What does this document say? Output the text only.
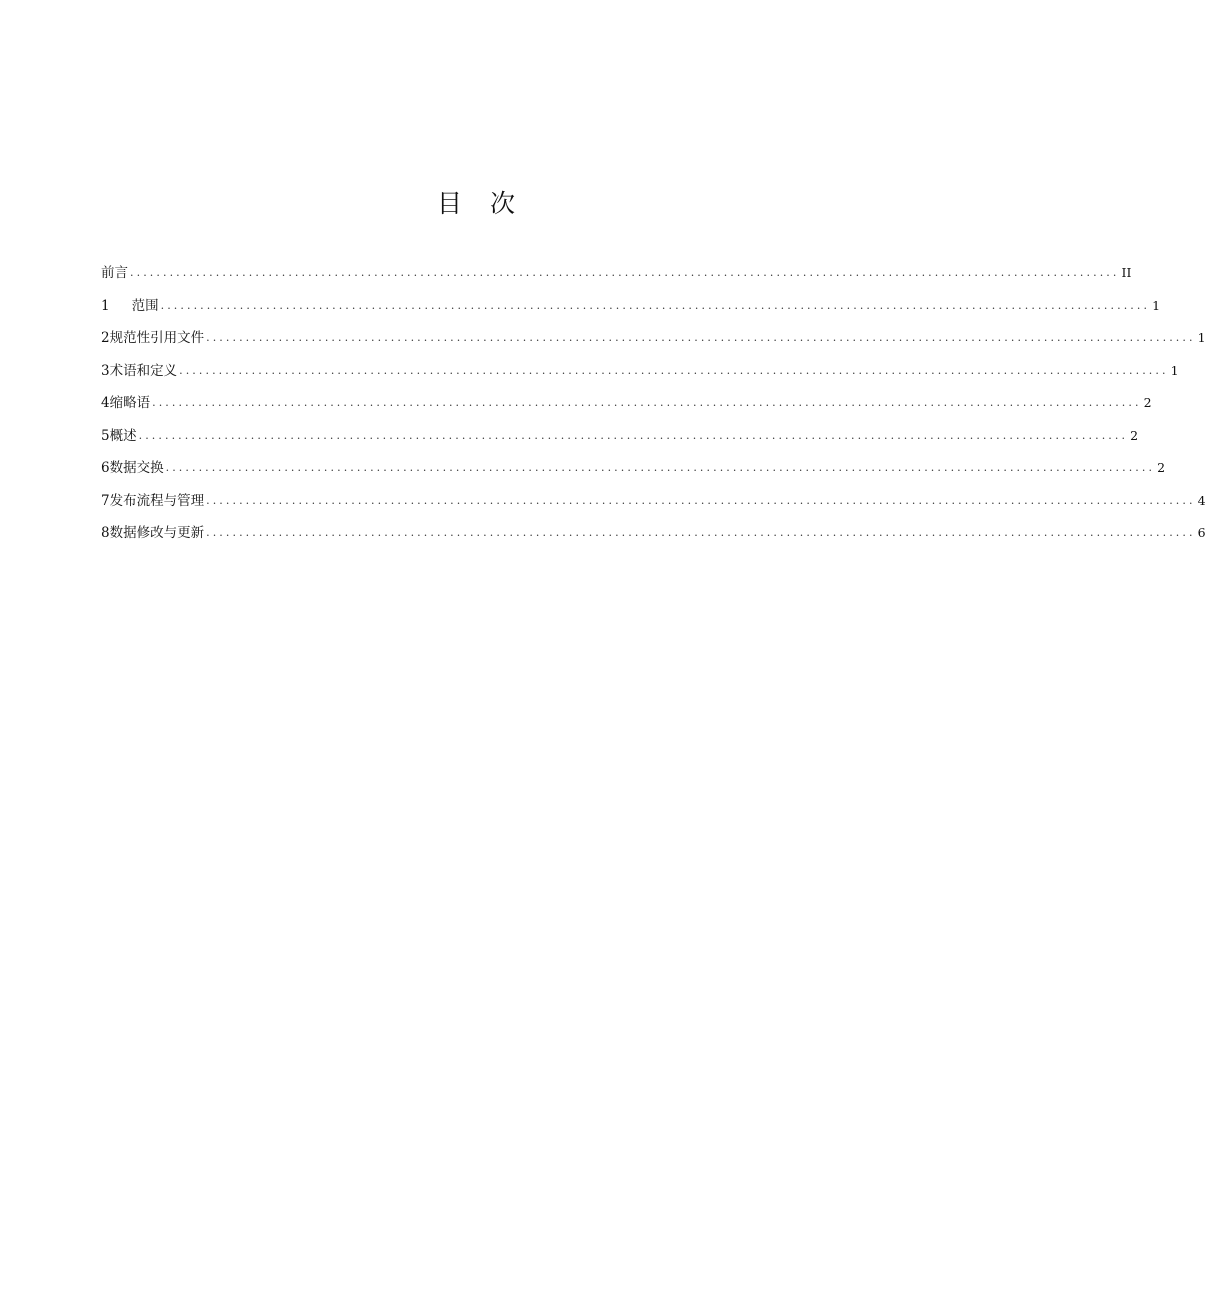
目 次
前言 ...................................................................................................................................................... II
1 范围 ...................................................................................................................................................... 1
2规范性引用文件 ...................................................................................................................................................... 1
3术语和定义 ...................................................................................................................................................... 1
4缩略语 ...................................................................................................................................................... 2
5概述 ...................................................................................................................................................... 2
6数据交换 ...................................................................................................................................................... 2
7发布流程与管理 ...................................................................................................................................................... 4
8数据修改与更新 ...................................................................................................................................................... 6
